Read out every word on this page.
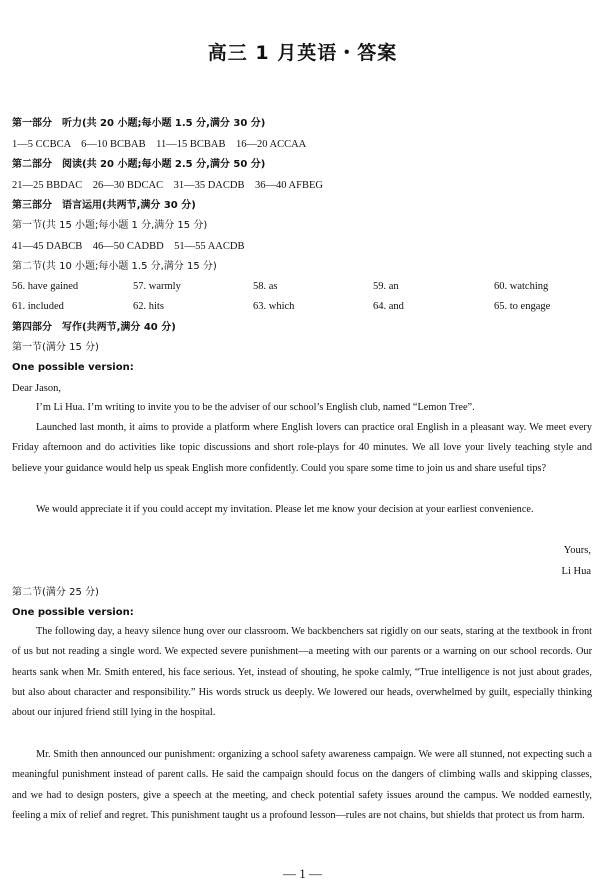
高三 1 月英语・答案
第一部分　听力(共 20 小题;每小题 1.5 分,满分 30 分)
1—5 CCBCA　6—10 BCBAB　11—15 BCBAB　16—20 ACCAA
第二部分　阅读(共 20 小题;每小题 2.5 分,满分 50 分)
21—25 BBDAC　26—30 BDCAC　31—35 DACDB　36—40 AFBEG
第三部分　语言运用(共两节,满分 30 分)
第一节(共 15 小题;每小题 1 分,满分 15 分)
41—45 DABCB　46—50 CADBD　51—55 AACDB
第二节(共 10 小题;每小题 1.5 分,满分 15 分)
56. have gained	57. warmly	58. as	59. an	60. watching
61. included	62. hits	63. which	64. and	65. to engage
第四部分　写作(共两节,满分 40 分)
第一节(满分 15 分)
One possible version:
Dear Jason,

I’m Li Hua. I’m writing to invite you to be the adviser of our school’s English club, named “Lemon Tree”.

Launched last month, it aims to provide a platform where English lovers can practice oral English in a pleasant way. We meet every Friday afternoon and do activities like topic discussions and short role-plays for 40 minutes. We all love your lively teaching style and believe your guidance would help us speak English more confidently. Could you spare some time to join us and share useful tips?

We would appreciate it if you could accept my invitation. Please let me know your decision at your earliest convenience.

Yours,
Li Hua
第二节(满分 25 分)
One possible version:

The following day, a heavy silence hung over our classroom. We backbenchers sat rigidly on our seats, staring at the textbook in front of us but not reading a single word. We expected severe punishment—a meeting with our parents or a warning on our school records. Our hearts sank when Mr. Smith entered, his face serious. Yet, instead of shouting, he spoke calmly, “True intelligence is not just about grades, but also about character and responsibility.” His words struck us deeply. We lowered our heads, overwhelmed by guilt, especially thinking about our injured friend still lying in the hospital.

Mr. Smith then announced our punishment: organizing a school safety awareness campaign. We were all stunned, not expecting such a meaningful punishment instead of parent calls. He said the campaign should focus on the dangers of climbing walls and skipping classes, and we had to design posters, give a speech at the meeting, and check potential safety issues around the campus. We nodded earnestly, feeling a mix of relief and regret. This punishment taught us a profound lesson—rules are not chains, but shields that protect us from harm.

— 1 —
